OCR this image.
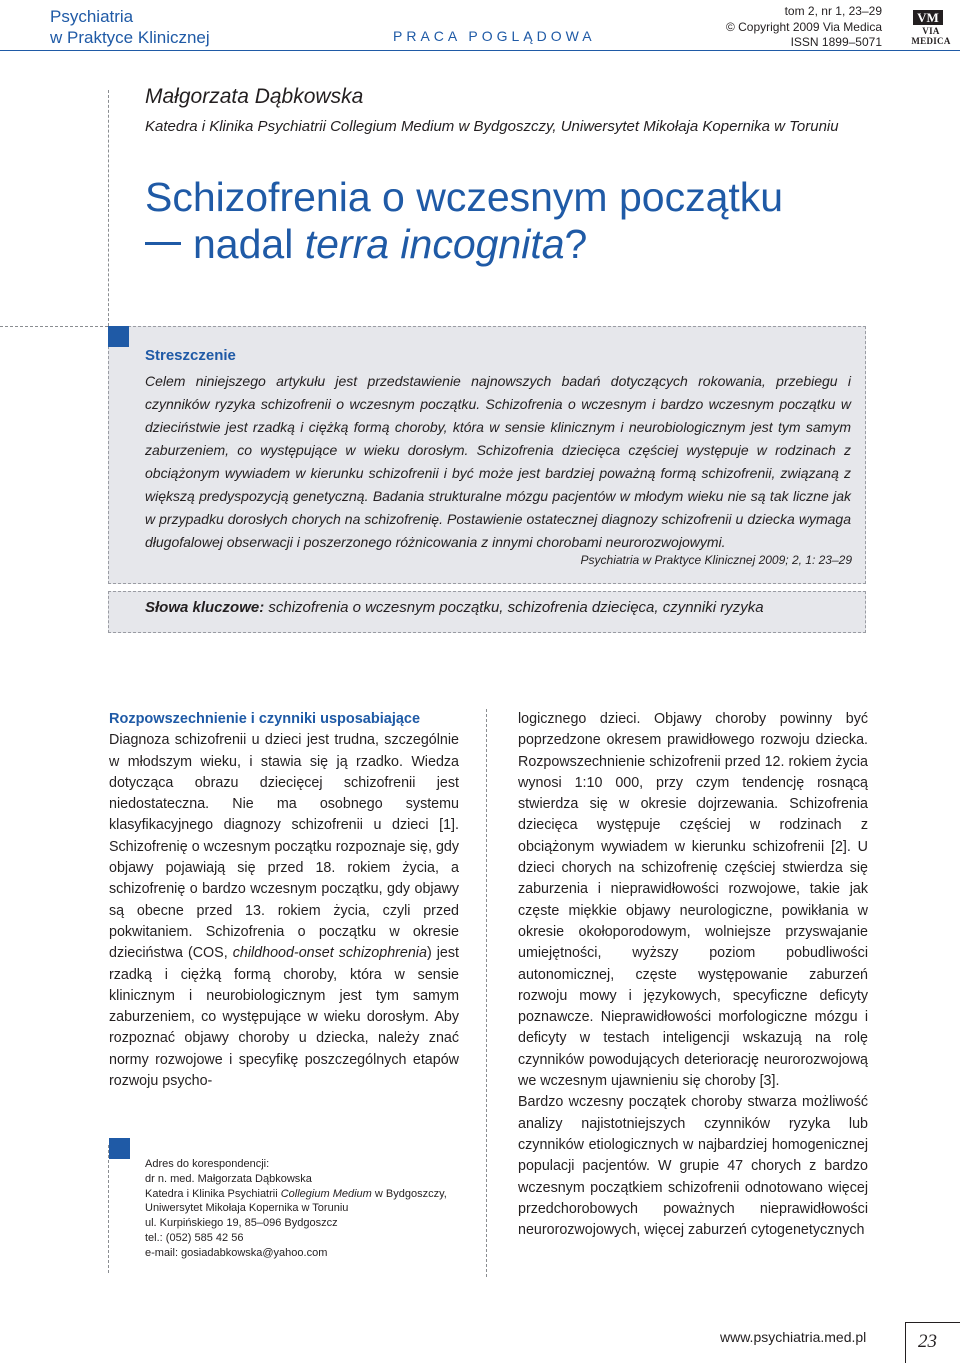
Psychiatria
w Praktyce Klinicznej	PRACA POGLĄDOWA
tom 2, nr 1, 23–29
© Copyright 2009 Via Medica
ISSN 1899–5071
VM
VIA MEDICA
Małgorzata Dąbkowska
Katedra i Klinika Psychiatrii Collegium Medium w Bydgoszczy, Uniwersytet Mikołaja Kopernika w Toruniu
Schizofrenia o wczesnym początku
nadal terra incognita?
Streszczenie
Celem niniejszego artykułu jest przedstawienie najnowszych badań dotyczących rokowania, przebiegu i czynników ryzyka schizofrenii o wczesnym początku. Schizofrenia o wczesnym i bardzo wczesnym początku w dzieciństwie jest rzadką i ciężką formą choroby, która w sensie klinicznym i neurobiologicznym jest tym samym zaburzeniem, co występujące w wieku dorosłym. Schizofrenia dziecięca częściej występuje w rodzinach z obciążonym wywiadem w kierunku schizofrenii i być może jest bardziej poważną formą schizofrenii, związaną z większą predyspozycją genetyczną. Badania strukturalne mózgu pacjentów w młodym wieku nie są tak liczne jak w przypadku dorosłych chorych na schizofrenię. Postawienie ostatecznej diagnozy schizofrenii u dziecka wymaga długofalowej obserwacji i poszerzonego różnicowania z innymi chorobami neurorozwojowymi.
Psychiatria w Praktyce Klinicznej 2009; 2, 1: 23–29
Słowa kluczowe: schizofrenia o wczesnym początku, schizofrenia dziecięca, czynniki ryzyka
Rozpowszechnienie i czynniki usposabiające
Diagnoza schizofrenii u dzieci jest trudna, szczególnie w młodszym wieku, i stawia się ją rzadko. Wiedza dotycząca obrazu dziecięcej schizofrenii jest niedostateczna. Nie ma osobnego systemu klasyfikacyjnego diagnozy schizofrenii u dzieci [1]. Schizofrenię o wczesnym początku rozpoznaje się, gdy objawy pojawiają się przed 18. rokiem życia, a schizofrenię o bardzo wczesnym początku, gdy objawy są obecne przed 13. rokiem życia, czyli przed pokwitaniem. Schizofrenia o początku w okresie dzieciństwa (COS, childhood-onset schizophrenia) jest rzadką i ciężką formą choroby, która w sensie klinicznym i neurobiologicznym jest tym samym zaburzeniem, co występujące w wieku dorosłym. Aby rozpoznać objawy choroby u dziecka, należy znać normy rozwojowe i specyfikę poszczególnych etapów rozwoju psycho-
logicznego dzieci. Objawy choroby powinny być poprzedzone okresem prawidłowego rozwoju dziecka. Rozpowszechnienie schizofrenii przed 12. rokiem życia wynosi 1:10 000, przy czym tendencję rosnącą stwierdza się w okresie dojrzewania. Schizofrenia dziecięca występuje częściej w rodzinach z obciążonym wywiadem w kierunku schizofrenii [2]. U dzieci chorych na schizofrenię częściej stwierdza się zaburzenia i nieprawidłowości rozwojowe, takie jak częste miękkie objawy neurologiczne, powikłania w okresie okołoporodowym, wolniejsze przyswajanie umiejętności, wyższy poziom pobudliwości autonomicznej, częste występowanie zaburzeń rozwoju mowy i językowych, specyficzne deficyty poznawcze. Nieprawidłowości morfologiczne mózgu i deficyty w testach inteligencji wskazują na rolę czynników powodujących deteriorację neurorozwojową we wczesnym ujawnieniu się choroby [3].
Bardzo wczesny początek choroby stwarza możliwość analizy najistotniejszych czynników ryzyka lub czynników etiologicznych w najbardziej homogenicznej populacji pacjentów. W grupie 47 chorych z bardzo wczesnym początkiem schizofrenii odnotowano więcej przedchorobowych poważnych nieprawidłowości neurorozwojowych, więcej zaburzeń cytogenetycznych
Adres do korespondencji:
dr n. med. Małgorzata Dąbkowska
Katedra i Klinika Psychiatrii Collegium Medium w Bydgoszczy,
Uniwersytet Mikołaja Kopernika w Toruniu
ul. Kurpińskiego 19, 85–096 Bydgoszcz
tel.: (052) 585 42 56
e-mail: gosiadabkowska@yahoo.com
www.psychiatria.med.pl	23
